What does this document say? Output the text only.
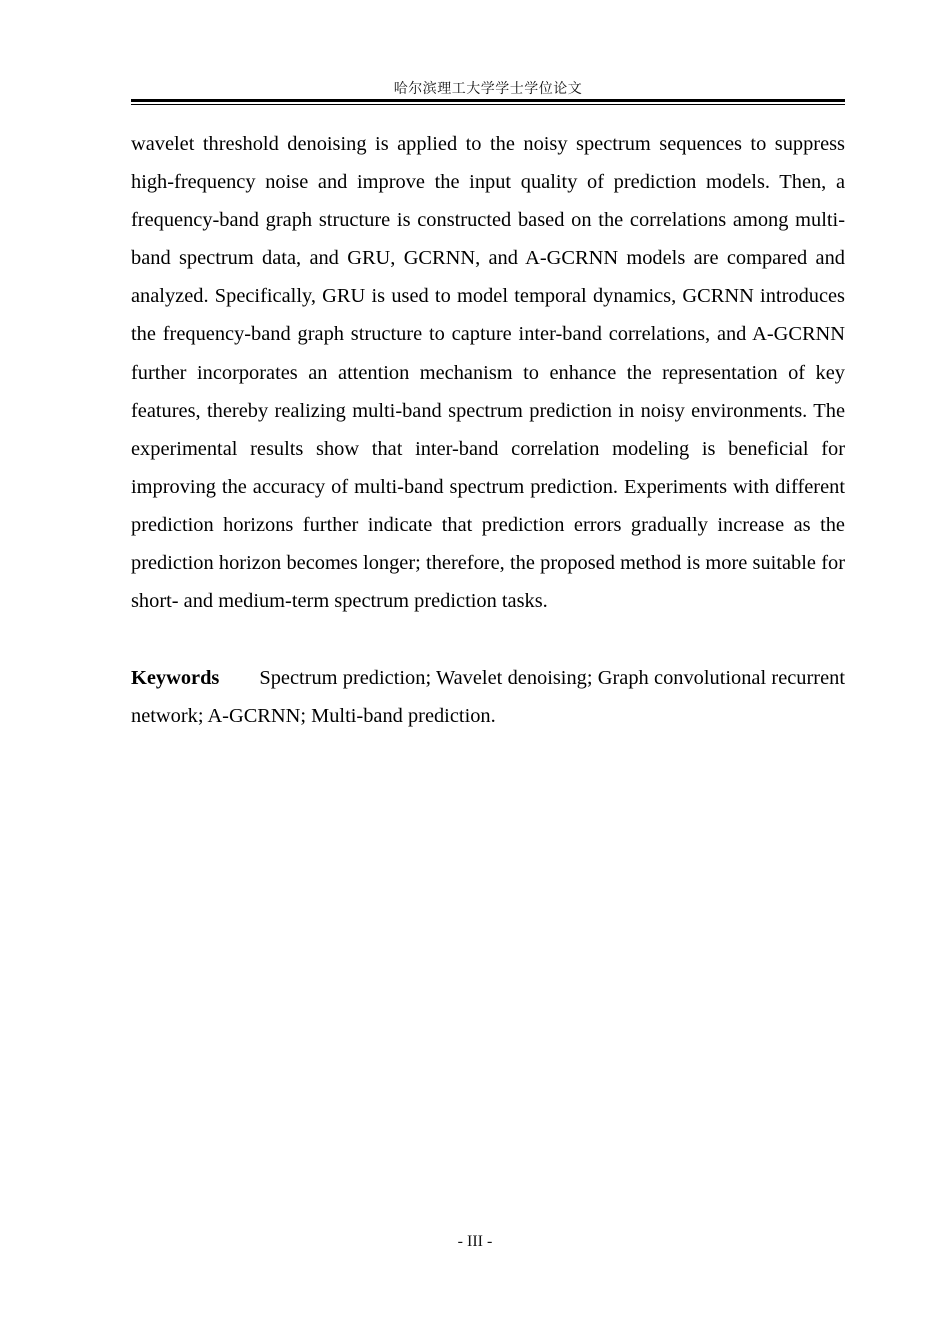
哈尔滨理工大学学士学位论文

wavelet threshold denoising is applied to the noisy spectrum sequences to suppress high-frequency noise and improve the input quality of prediction models. Then, a frequency-band graph structure is constructed based on the correlations among multi-band spectrum data, and GRU, GCRNN, and A-GCRNN models are compared and analyzed. Specifically, GRU is used to model temporal dynamics, GCRNN introduces the frequency-band graph structure to capture inter-band correlations, and A-GCRNN further incorporates an attention mechanism to enhance the representation of key features, thereby realizing multi-band spectrum prediction in noisy environments. The experimental results show that inter-band correlation modeling is beneficial for improving the accuracy of multi-band spectrum prediction. Experiments with different prediction horizons further indicate that prediction errors gradually increase as the prediction horizon becomes longer; therefore, the proposed method is more suitable for short- and medium-term spectrum prediction tasks.

Keywords Spectrum prediction; Wavelet denoising; Graph convolutional recurrent network; A-GCRNN; Multi-band prediction.

- III -
